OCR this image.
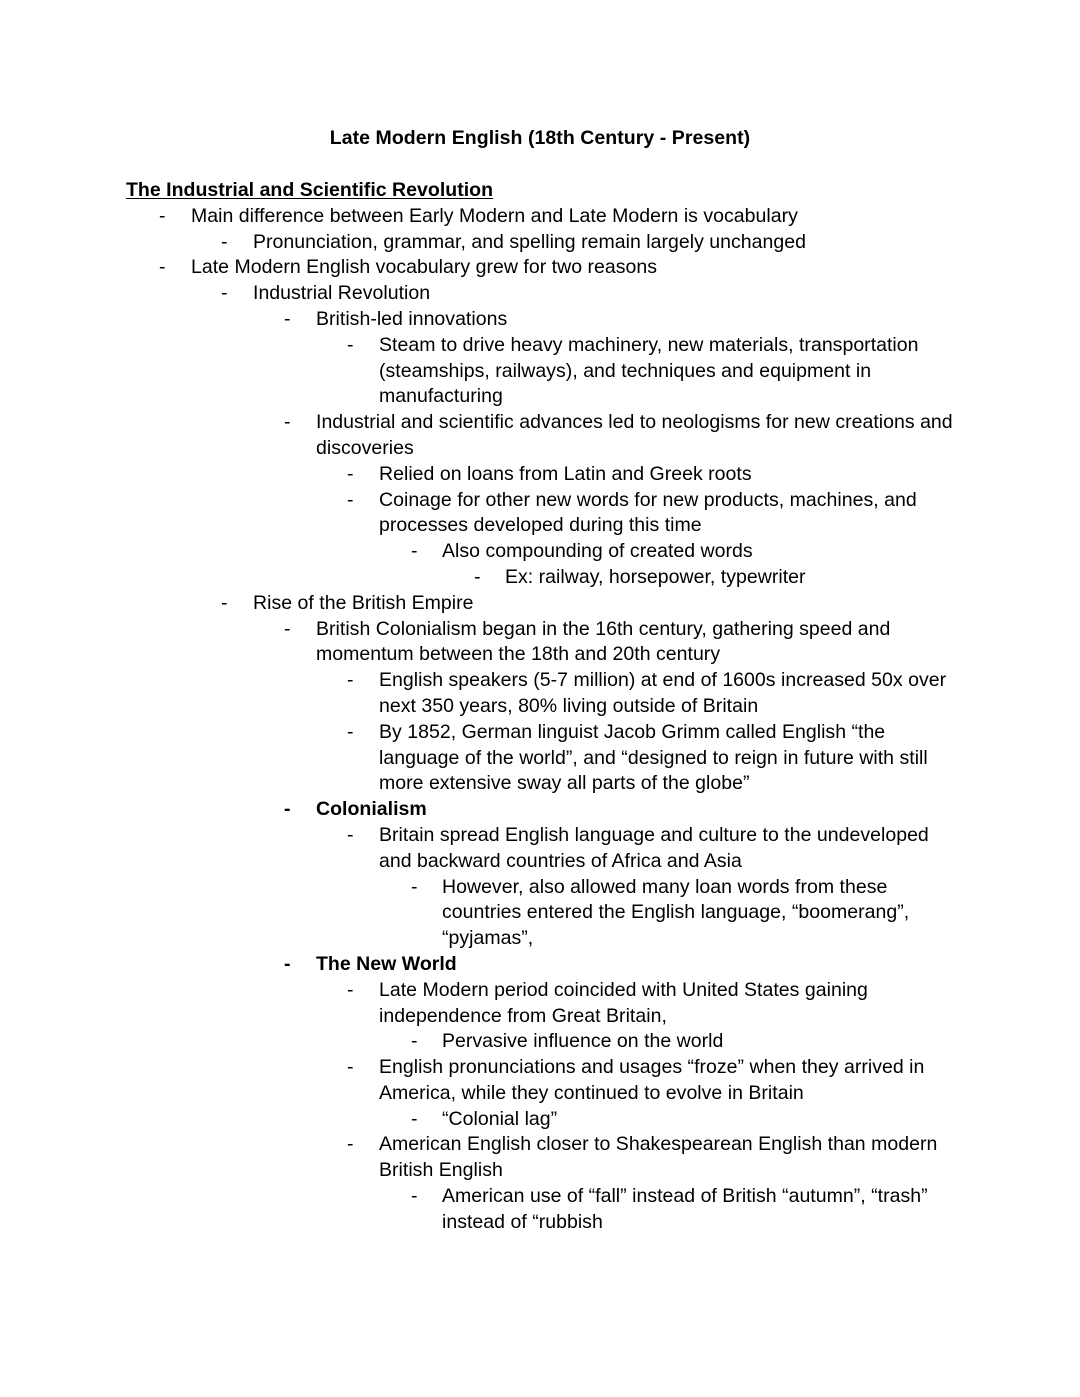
Late Modern English (18th Century - Present)
The Industrial and Scientific Revolution
- Main difference between Early Modern and Late Modern is vocabulary
- Pronunciation, grammar, and spelling remain largely unchanged
- Late Modern English vocabulary grew for two reasons
- Industrial Revolution
- British-led innovations
- Steam to drive heavy machinery, new materials, transportation (steamships, railways), and techniques and equipment in manufacturing
- Industrial and scientific advances led to neologisms for new creations and discoveries
- Relied on loans from Latin and Greek roots
- Coinage for other new words for new products, machines, and processes developed during this time
- Also compounding of created words
- Ex: railway, horsepower, typewriter
- Rise of the British Empire
- British Colonialism began in the 16th century, gathering speed and momentum between the 18th and 20th century
- English speakers (5-7 million) at end of 1600s increased 50x over next 350 years, 80% living outside of Britain
- By 1852, German linguist Jacob Grimm called English “the language of the world”, and “designed to reign in future with still more extensive sway all parts of the globe”
- Colonialism
- Britain spread English language and culture to the undeveloped and backward countries of Africa and Asia
- However, also allowed many loan words from these countries entered the English language, “boomerang”, “pyjamas”,
- The New World
- Late Modern period coincided with United States gaining independence from Great Britain,
- Pervasive influence on the world
- English pronunciations and usages “froze” when they arrived in America, while they continued to evolve in Britain
- “Colonial lag”
- American English closer to Shakespearean English than modern British English
- American use of “fall” instead of British “autumn”, “trash” instead of “rubbish
